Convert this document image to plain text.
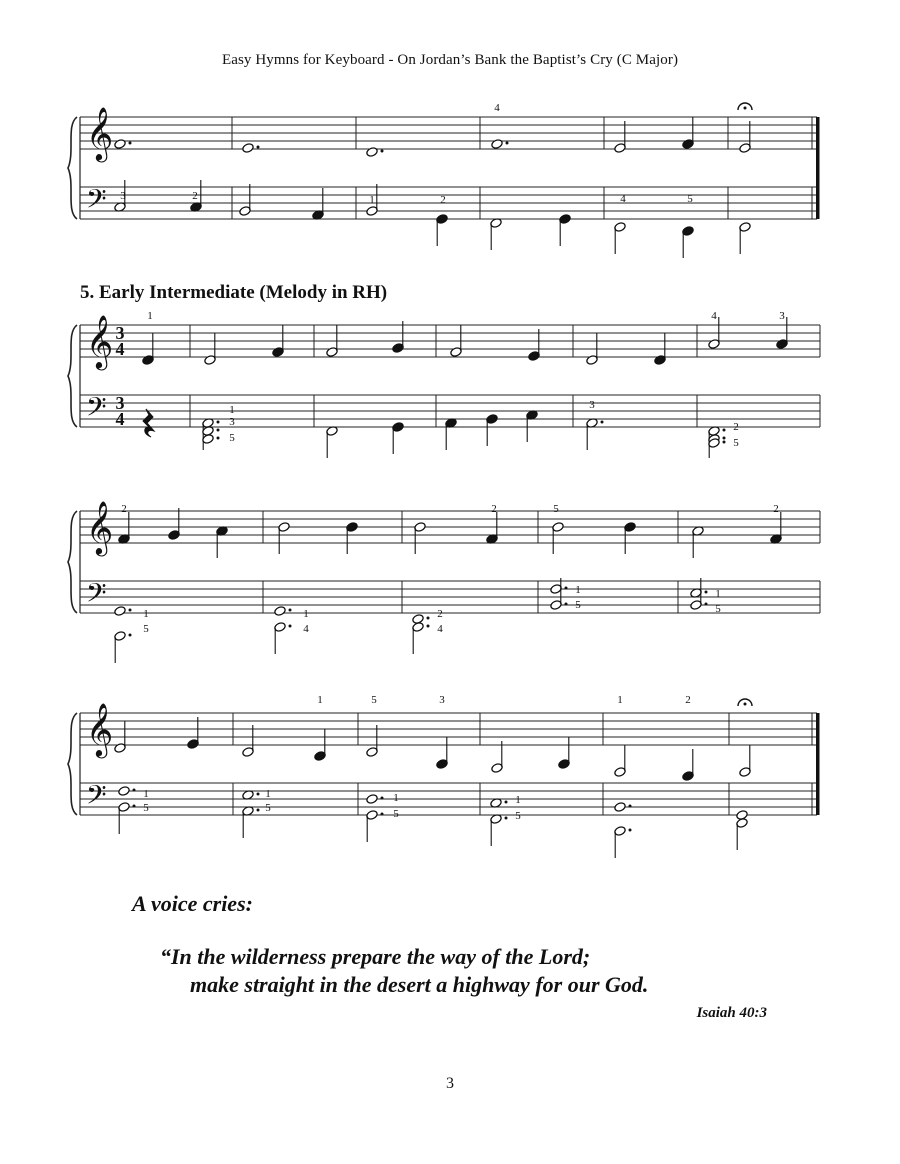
Easy Hymns for Keyboard - On Jordan’s Bank the Baptist’s Cry (C Major)
5. Early Intermediate (Melody in RH)
𝄞
𝄢
𝄞
𝄢
3
4
3
4
𝄞
𝄢
𝄞
𝄢
4
3	2	1	2	4	5
1	4	3
1
3
5
3
2
5
2	2	5	2
1
5
1
4
2
4
1
5
1
5
1	5	3	1	2
1
5
1
5
1
5
1
5
A voice cries:
“In the wilderness prepare the way of the Lord;
make straight in the desert a highway for our God.
Isaiah 40:3
3
